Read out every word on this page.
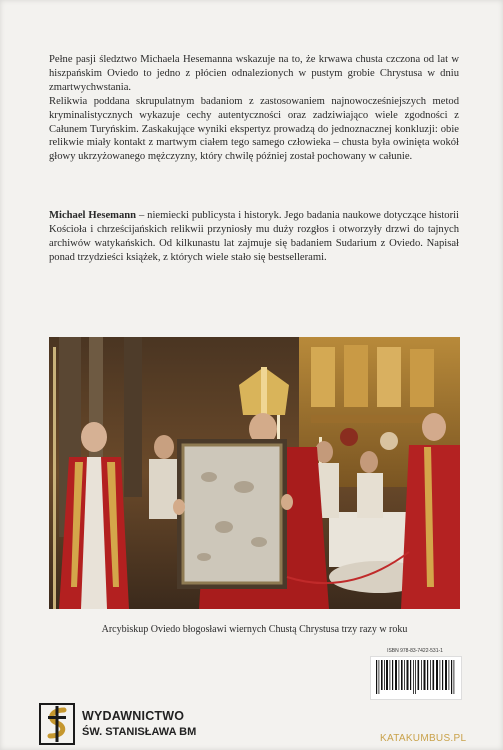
Pełne pasji śledztwo Michaela Hesemanna wskazuje na to, że krwawa chusta czczona od lat w hiszpańskim Oviedo to jedno z płócien odnalezionych w pustym grobie Chrystusa w dniu zmartwychwstania.

Relikwia poddana skrupulatnym badaniom z zastosowaniem najnowocześniejszych metod kryminalistycznych wykazuje cechy autentyczności oraz zadziwiająco wiele zgodności z Całunem Turyńskim. Zaskakujące wyniki ekspertyz prowadzą do jednoznacznej konkluzji: obie relikwie miały kontakt z martwym ciałem tego samego człowieka – chusta była owinięta wokół głowy ukrzyżowanego mężczyzny, który chwilę później został pochowany w całunie.

Michael Hesemann – niemiecki publicysta i historyk. Jego badania naukowe dotyczące historii Kościoła i chrześcijańskich relikwii przyniosły mu duży rozgłos i otworzyły drzwi do tajnych archiwów watykańskich. Od kilkunastu lat zajmuje się badaniem Sudarium z Oviedo. Napisał ponad trzydzieści książek, z których wiele stało się bestsellerami.

Arcybiskup Oviedo błogosławi wiernych Chustą Chrystusa trzy razy w roku
ISBN 978-83-7422-531-1
WYDAWNICTWO
ŚW. STANISŁAWA BM
KATAKUMBUS.PL
